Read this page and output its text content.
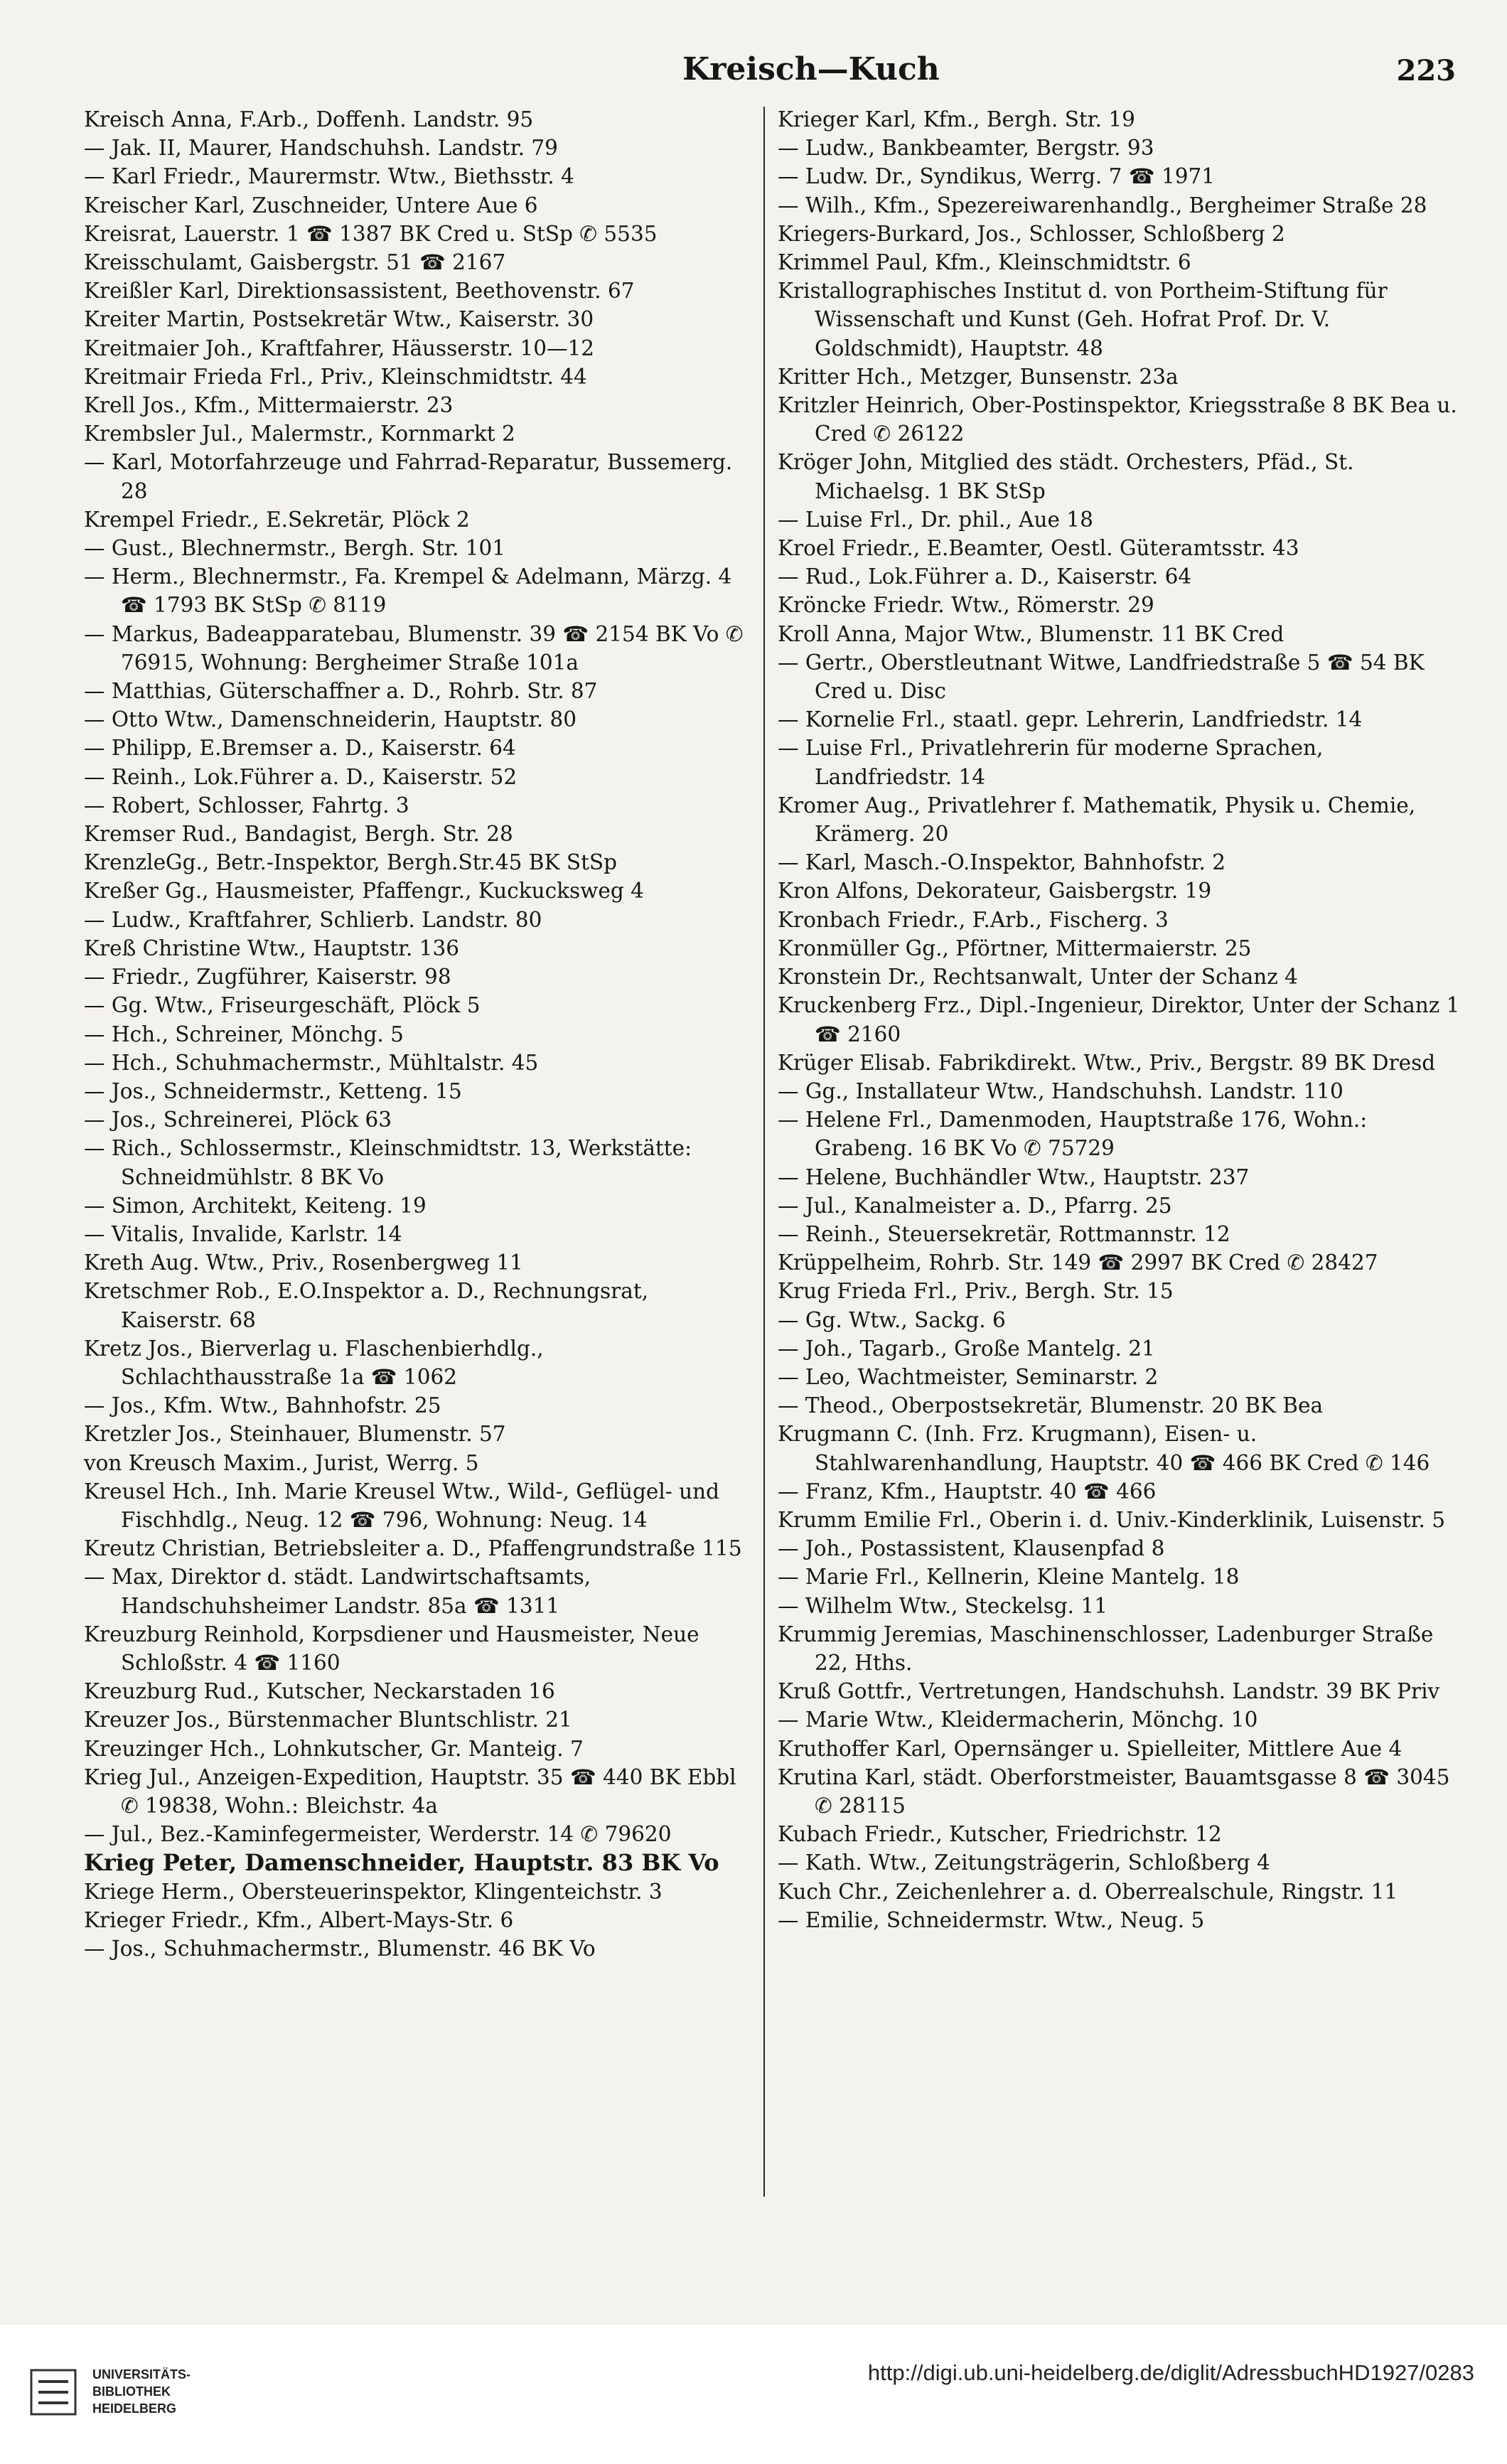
Kreisch—Kuch	223

Kreisch Anna, F.Arb., Doffenh. Landstr. 95

— Jak. II, Maurer, Handschuhsh. Landstr. 79

— Karl Friedr., Maurermstr. Wtw., Biethsstr. 4

Kreischer Karl, Zuschneider, Untere Aue 6

Kreisrat, Lauerstr. 1 ☎ 1387 BK Cred u. StSp ✆ 5535

Kreisschulamt, Gaisbergstr. 51 ☎ 2167

Kreißler Karl, Direktionsassistent, Beethovenstr. 67

Kreiter Martin, Postsekretär Wtw., Kaiserstr. 30

Kreitmaier Joh., Kraftfahrer, Häusserstr. 10—12

Kreitmair Frieda Frl., Priv., Kleinschmidtstr. 44

Krell Jos., Kfm., Mittermaierstr. 23

Krembsler Jul., Malermstr., Kornmarkt 2

— Karl, Motorfahrzeuge und Fahrrad-Reparatur, Bussemerg. 28

Krempel Friedr., E.Sekretär, Plöck 2

— Gust., Blechnermstr., Bergh. Str. 101

— Herm., Blechnermstr., Fa. Krempel & Adelmann, Märzg. 4 ☎ 1793 BK StSp ✆ 8119

— Markus, Badeapparatebau, Blumenstr. 39 ☎ 2154 BK Vo ✆ 76915, Wohnung: Bergheimer Straße 101a

— Matthias, Güterschaffner a. D., Rohrb. Str. 87

— Otto Wtw., Damenschneiderin, Hauptstr. 80

— Philipp, E.Bremser a. D., Kaiserstr. 64

— Reinh., Lok.Führer a. D., Kaiserstr. 52

— Robert, Schlosser, Fahrtg. 3

Kremser Rud., Bandagist, Bergh. Str. 28

KrenzleGg., Betr.-Inspektor, Bergh.Str.45 BK StSp

Kreßer Gg., Hausmeister, Pfaffengr., Kuckucksweg 4

— Ludw., Kraftfahrer, Schlierb. Landstr. 80

Kreß Christine Wtw., Hauptstr. 136

— Friedr., Zugführer, Kaiserstr. 98

— Gg. Wtw., Friseurgeschäft, Plöck 5

— Hch., Schreiner, Mönchg. 5

— Hch., Schuhmachermstr., Mühltalstr. 45

— Jos., Schneidermstr., Ketteng. 15

— Jos., Schreinerei, Plöck 63

— Rich., Schlossermstr., Kleinschmidtstr. 13, Werkstätte: Schneidmühlstr. 8 BK Vo

— Simon, Architekt, Keiteng. 19

— Vitalis, Invalide, Karlstr. 14

Kreth Aug. Wtw., Priv., Rosenbergweg 11

Kretschmer Rob., E.O.Inspektor a. D., Rechnungsrat, Kaiserstr. 68

Kretz Jos., Bierverlag u. Flaschenbierhdlg., Schlachthausstraße 1a ☎ 1062

— Jos., Kfm. Wtw., Bahnhofstr. 25

Kretzler Jos., Steinhauer, Blumenstr. 57

von Kreusch Maxim., Jurist, Werrg. 5

Kreusel Hch., Inh. Marie Kreusel Wtw., Wild-, Geflügel- und Fischhdlg., Neug. 12 ☎ 796, Wohnung: Neug. 14

Kreutz Christian, Betriebsleiter a. D., Pfaffengrundstraße 115

— Max, Direktor d. städt. Landwirtschaftsamts, Handschuhsheimer Landstr. 85a ☎ 1311

Kreuzburg Reinhold, Korpsdiener und Hausmeister, Neue Schloßstr. 4 ☎ 1160

Kreuzburg Rud., Kutscher, Neckarstaden 16

Kreuzer Jos., Bürstenmacher Bluntschlistr. 21

Kreuzinger Hch., Lohnkutscher, Gr. Manteig. 7

Krieg Jul., Anzeigen-Expedition, Hauptstr. 35 ☎ 440 BK Ebbl ✆ 19838, Wohn.: Bleichstr. 4a

— Jul., Bez.-Kaminfegermeister, Werderstr. 14 ✆ 79620

Krieg Peter, Damenschneider, Hauptstr. 83 BK Vo

Kriege Herm., Obersteuerinspektor, Klingenteichstr. 3

Krieger Friedr., Kfm., Albert-Mays-Str. 6

— Jos., Schuhmachermstr., Blumenstr. 46 BK Vo

Krieger Karl, Kfm., Bergh. Str. 19

— Ludw., Bankbeamter, Bergstr. 93

— Ludw. Dr., Syndikus, Werrg. 7 ☎ 1971

— Wilh., Kfm., Spezereiwarenhandlg., Bergheimer Straße 28

Kriegers-Burkard, Jos., Schlosser, Schloßberg 2

Krimmel Paul, Kfm., Kleinschmidtstr. 6

Kristallographisches Institut d. von Portheim-Stiftung für Wissenschaft und Kunst (Geh. Hofrat Prof. Dr. V. Goldschmidt), Hauptstr. 48

Kritter Hch., Metzger, Bunsenstr. 23a

Kritzler Heinrich, Ober-Postinspektor, Kriegsstraße 8 BK Bea u. Cred ✆ 26122

Kröger John, Mitglied des städt. Orchesters, Pfäd., St. Michaelsg. 1 BK StSp

— Luise Frl., Dr. phil., Aue 18

Kroel Friedr., E.Beamter, Oestl. Güteramtsstr. 43

— Rud., Lok.Führer a. D., Kaiserstr. 64

Kröncke Friedr. Wtw., Römerstr. 29

Kroll Anna, Major Wtw., Blumenstr. 11 BK Cred

— Gertr., Oberstleutnant Witwe, Landfriedstraße 5 ☎ 54 BK Cred u. Disc

— Kornelie Frl., staatl. gepr. Lehrerin, Landfriedstr. 14

— Luise Frl., Privatlehrerin für moderne Sprachen, Landfriedstr. 14

Kromer Aug., Privatlehrer f. Mathematik, Physik u. Chemie, Krämerg. 20

— Karl, Masch.-O.Inspektor, Bahnhofstr. 2

Kron Alfons, Dekorateur, Gaisbergstr. 19

Kronbach Friedr., F.Arb., Fischerg. 3

Kronmüller Gg., Pförtner, Mittermaierstr. 25

Kronstein Dr., Rechtsanwalt, Unter der Schanz 4

Kruckenberg Frz., Dipl.-Ingenieur, Direktor, Unter der Schanz 1 ☎ 2160

Krüger Elisab. Fabrikdirekt. Wtw., Priv., Bergstr. 89 BK Dresd

— Gg., Installateur Wtw., Handschuhsh. Landstr. 110

— Helene Frl., Damenmoden, Hauptstraße 176, Wohn.: Grabeng. 16 BK Vo ✆ 75729

— Helene, Buchhändler Wtw., Hauptstr. 237

— Jul., Kanalmeister a. D., Pfarrg. 25

— Reinh., Steuersekretär, Rottmannstr. 12

Krüppelheim, Rohrb. Str. 149 ☎ 2997 BK Cred ✆ 28427

Krug Frieda Frl., Priv., Bergh. Str. 15

— Gg. Wtw., Sackg. 6

— Joh., Tagarb., Große Mantelg. 21

— Leo, Wachtmeister, Seminarstr. 2

— Theod., Oberpostsekretär, Blumenstr. 20 BK Bea

Krugmann C. (Inh. Frz. Krugmann), Eisen- u. Stahlwarenhandlung, Hauptstr. 40 ☎ 466 BK Cred ✆ 146

— Franz, Kfm., Hauptstr. 40 ☎ 466

Krumm Emilie Frl., Oberin i. d. Univ.-Kinderklinik, Luisenstr. 5

— Joh., Postassistent, Klausenpfad 8

— Marie Frl., Kellnerin, Kleine Mantelg. 18

— Wilhelm Wtw., Steckelsg. 11

Krummig Jeremias, Maschinenschlosser, Ladenburger Straße 22, Hths.

Kruß Gottfr., Vertretungen, Handschuhsh. Landstr. 39 BK Priv

— Marie Wtw., Kleidermacherin, Mönchg. 10

Kruthoffer Karl, Opernsänger u. Spielleiter, Mittlere Aue 4

Krutina Karl, städt. Oberforstmeister, Bauamtsgasse 8 ☎ 3045 ✆ 28115

Kubach Friedr., Kutscher, Friedrichstr. 12

— Kath. Wtw., Zeitungsträgerin, Schloßberg 4

Kuch Chr., Zeichenlehrer a. d. Oberrealschule, Ringstr. 11

— Emilie, Schneidermstr. Wtw., Neug. 5

UNIVERSITÄTS-
BIBLIOTHEK
HEIDELBERG
http://digi.ub.uni-heidelberg.de/diglit/AdressbuchHD1927/0283
